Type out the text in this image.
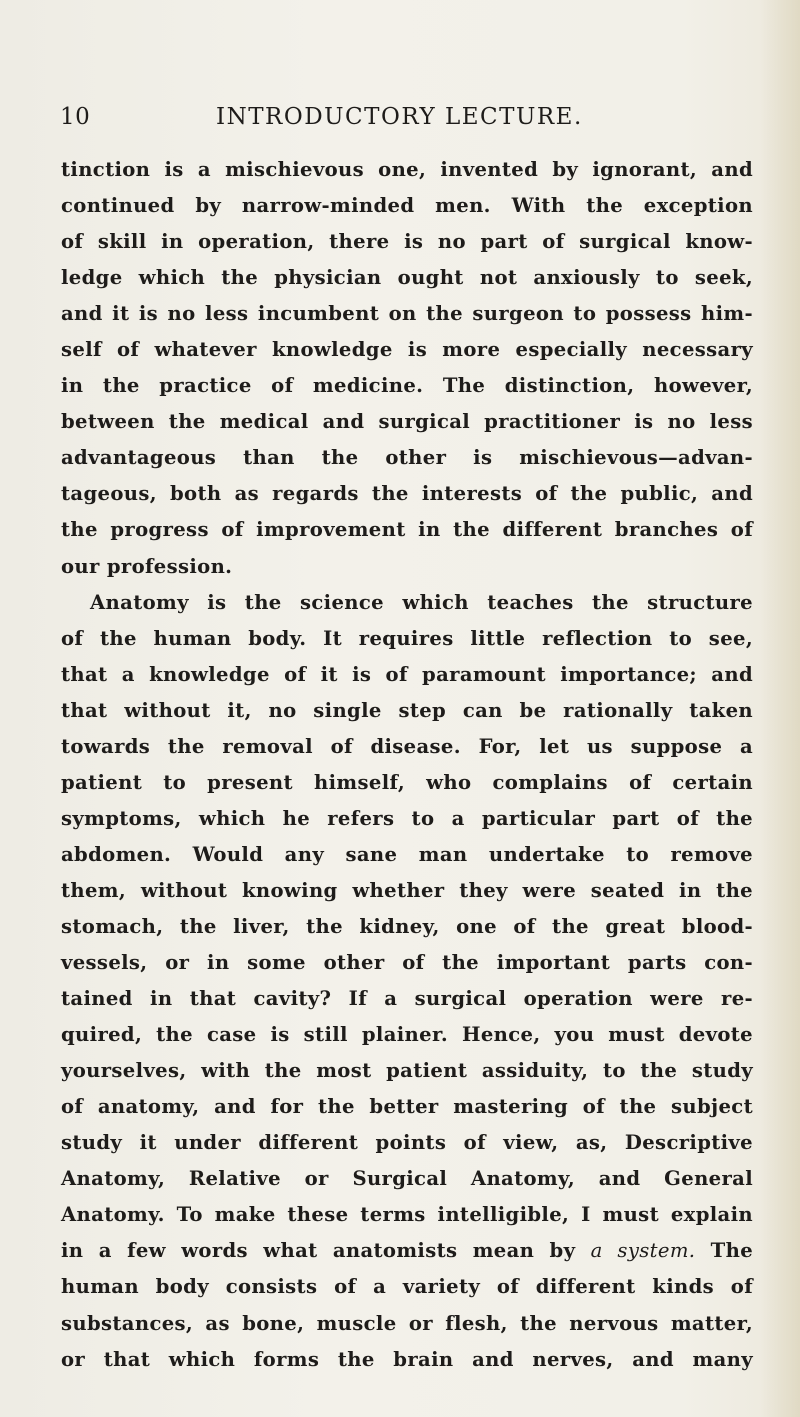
10	INTRODUCTORY LECTURE.
tinction is a mischievous one, invented by ignorant, and
continued by narrow-minded men. With the exception
of skill in operation, there is no part of surgical know-
ledge which the physician ought not anxiously to seek,
and it is no less incumbent on the surgeon to possess him-
self of whatever knowledge is more especially necessary
in the practice of medicine. The distinction, however,
between the medical and surgical practitioner is no less
advantageous than the other is mischievous—advan-
tageous, both as regards the interests of the public, and
the progress of improvement in the different branches of
our profession.
Anatomy is the science which teaches the structure
of the human body. It requires little reflection to see,
that a knowledge of it is of paramount importance; and
that without it, no single step can be rationally taken
towards the removal of disease. For, let us suppose a
patient to present himself, who complains of certain
symptoms, which he refers to a particular part of the
abdomen. Would any sane man undertake to remove
them, without knowing whether they were seated in the
stomach, the liver, the kidney, one of the great blood-
vessels, or in some other of the important parts con-
tained in that cavity? If a surgical operation were re-
quired, the case is still plainer. Hence, you must devote
yourselves, with the most patient assiduity, to the study
of anatomy, and for the better mastering of the subject
study it under different points of view, as, Descriptive
Anatomy, Relative or Surgical Anatomy, and General
Anatomy. To make these terms intelligible, I must explain
in a few words what anatomists mean by a system. The
human body consists of a variety of different kinds of
substances, as bone, muscle or flesh, the nervous matter,
or that which forms the brain and nerves, and many
